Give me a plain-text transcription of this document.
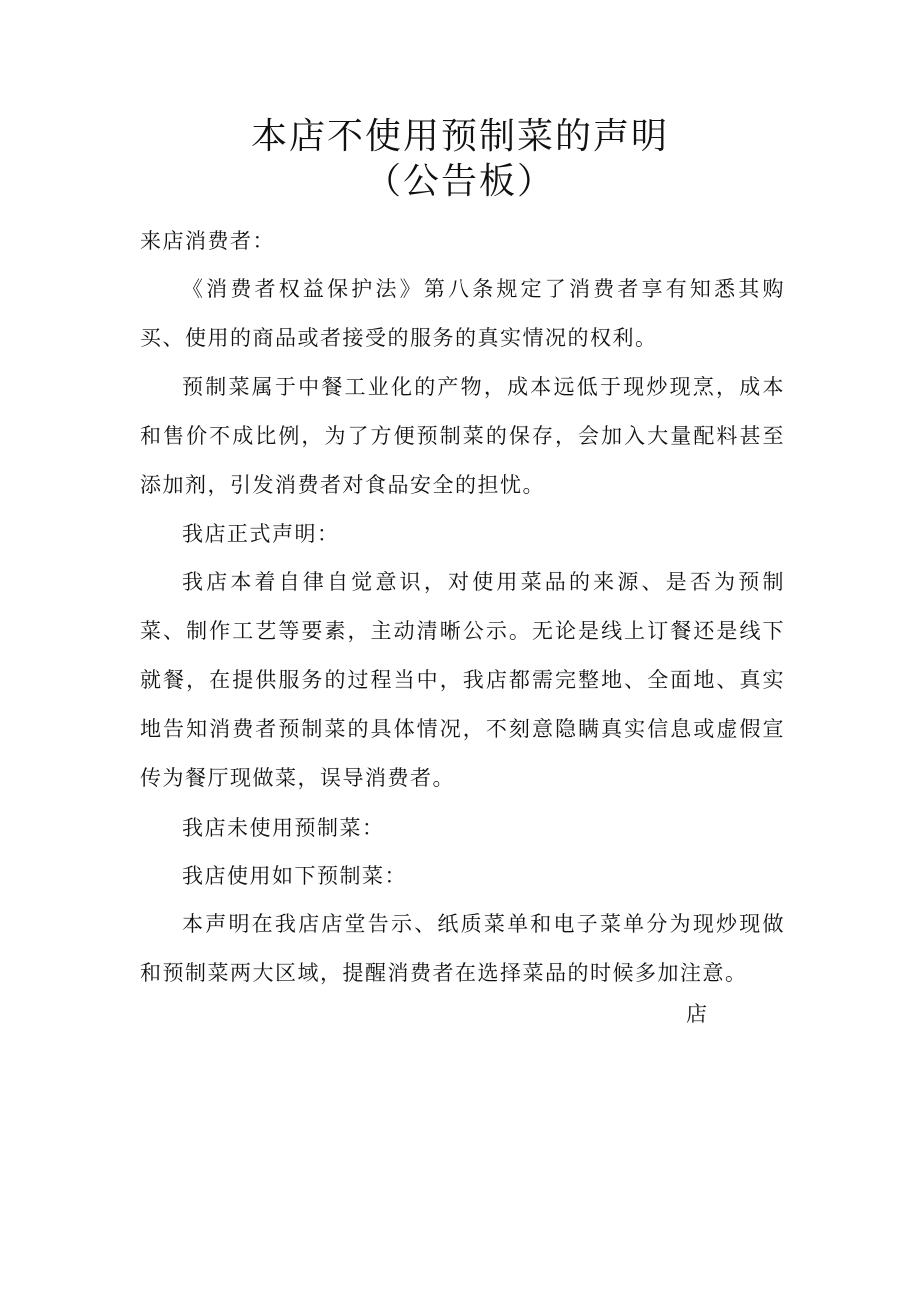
本店不使用预制菜的声明
（公告板）

来店消费者：

《消费者权益保护法》第八条规定了消费者享有知悉其购买、使用的商品或者接受的服务的真实情况的权利。

预制菜属于中餐工业化的产物，成本远低于现炒现烹，成本和售价不成比例，为了方便预制菜的保存，会加入大量配料甚至添加剂，引发消费者对食品安全的担忧。

我店正式声明：

我店本着自律自觉意识，对使用菜品的来源、是否为预制菜、制作工艺等要素，主动清晰公示。无论是线上订餐还是线下就餐，在提供服务的过程当中，我店都需完整地、全面地、真实地告知消费者预制菜的具体情况，不刻意隐瞒真实信息或虚假宣传为餐厅现做菜，误导消费者。

我店未使用预制菜：

我店使用如下预制菜：

本声明在我店店堂告示、纸质菜单和电子菜单分为现炒现做和预制菜两大区域，提醒消费者在选择菜品的时候多加注意。

店
